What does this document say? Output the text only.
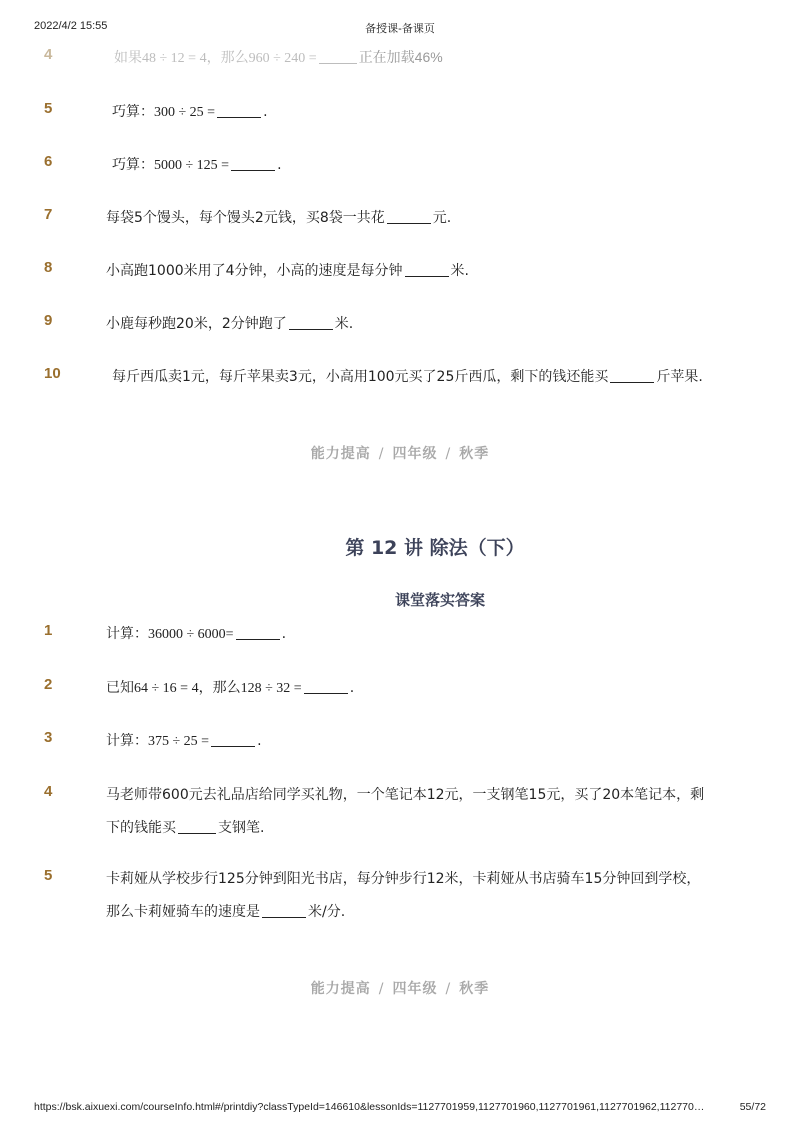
2022/4/2 15:55	备授课-备课页
4	如果48 ÷ 12 = 4，那么960 ÷ 240 =	正在加载46%
5	巧算：300 ÷ 25 =	.
6	巧算：5000 ÷ 125 =	.
7	每袋5个馒头，每个馒头2元钱，买8袋一共花	元.
8	小高跑1000米用了4分钟，小高的速度是每分钟	米.
9	小鹿每秒跑20米，2分钟跑了	米.
10	每斤西瓜卖1元，每斤苹果卖3元，小高用100元买了25斤西瓜，剩下的钱还能买	斤苹果.
能力提高 / 四年级 / 秋季
第 12 讲 除法（下）
课堂落实答案
1	计算：36000 ÷ 6000=	.
2	已知64 ÷ 16 = 4，那么128 ÷ 32 =	.
3	计算：375 ÷ 25 =	.
4	马老师带600元去礼品店给同学买礼物，一个笔记本12元，一支钢笔15元，买了20本笔记本，剩
下的钱能买	支钢笔.
5	卡莉娅从学校步行125分钟到阳光书店，每分钟步行12米，卡莉娅从书店骑车15分钟回到学校，
那么卡莉娅骑车的速度是	米/分.
能力提高 / 四年级 / 秋季
https://bsk.aixuexi.com/courseInfo.html#/printdiy?classTypeId=146610&lessonIds=1127701959,1127701960,1127701961,1127701962,112770…	55/72
